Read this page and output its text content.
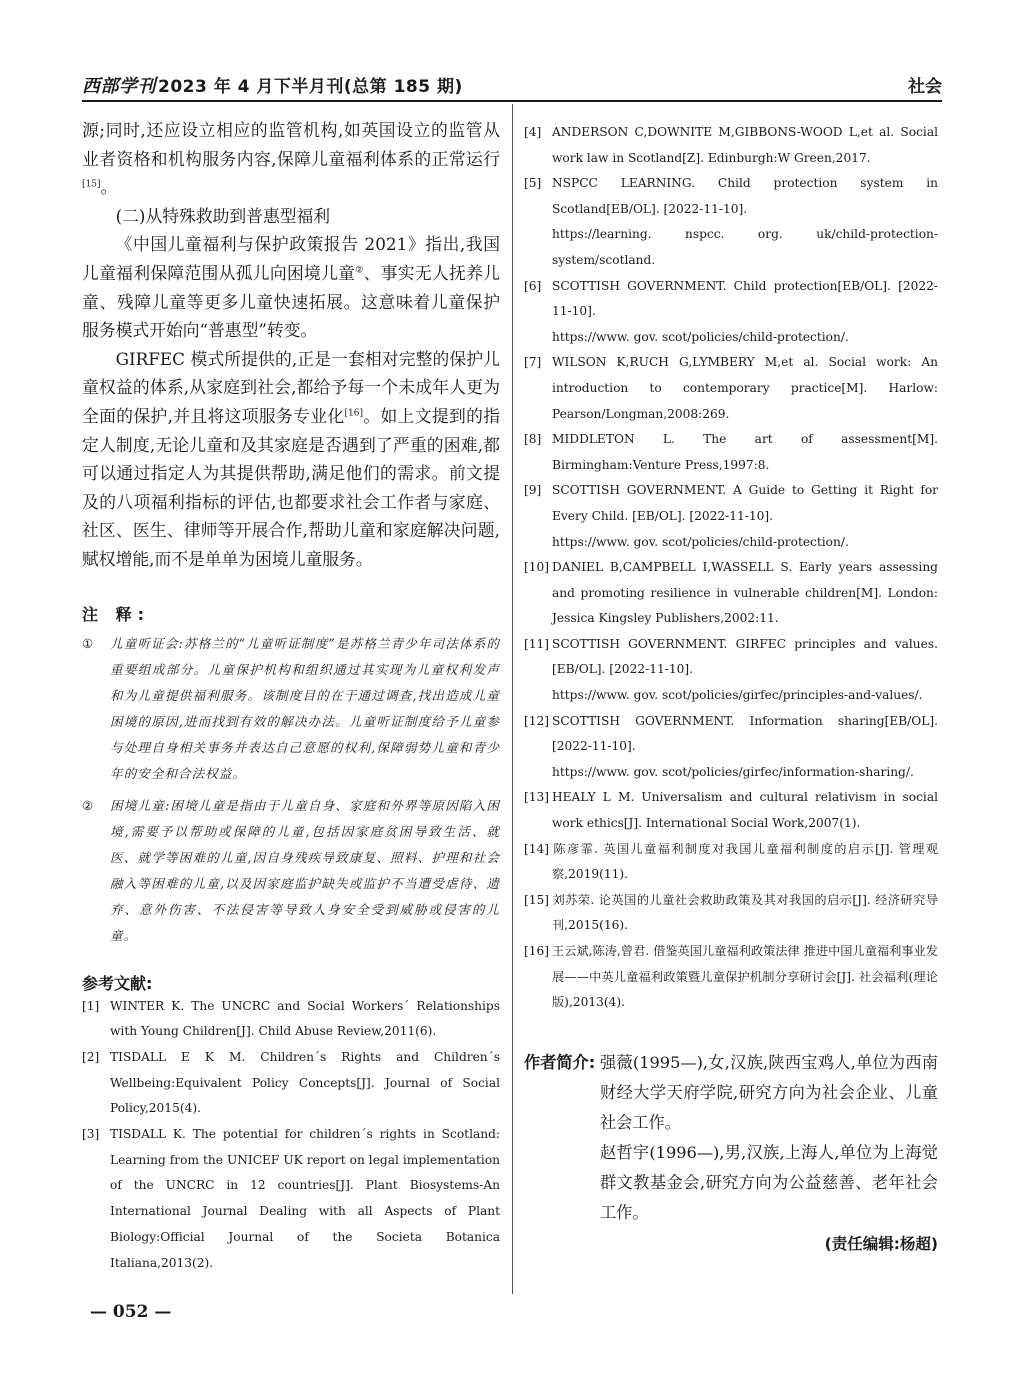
西部学刊 2023 年 4 月下半月刊(总第 185 期)	社会

源;同时,还应设立相应的监管机构,如英国设立的监管从业者资格和机构服务内容,保障儿童福利体系的正常运行[15]。

(二)从特殊救助到普惠型福利

《中国儿童福利与保护政策报告 2021》指出,我国儿童福利保障范围从孤儿向困境儿童②、事实无人抚养儿童、残障儿童等更多儿童快速拓展。这意味着儿童保护服务模式开始向“普惠型”转变。

GIRFEC 模式所提供的,正是一套相对完整的保护儿童权益的体系,从家庭到社会,都给予每一个未成年人更为全面的保护,并且将这项服务专业化[16]。如上文提到的指定人制度,无论儿童和及其家庭是否遇到了严重的困难,都可以通过指定人为其提供帮助,满足他们的需求。前文提及的八项福利指标的评估,也都要求社会工作者与家庭、社区、医生、律师等开展合作,帮助儿童和家庭解决问题,赋权增能,而不是单单为困境儿童服务。

注 释:
① 儿童听证会:苏格兰的“儿童听证制度”是苏格兰青少年司法体系的重要组成部分。儿童保护机构和组织通过其实现为儿童权利发声和为儿童提供福利服务。该制度目的在于通过调查,找出造成儿童困境的原因,进而找到有效的解决办法。儿童听证制度给予儿童参与处理自身相关事务并表达自己意愿的权利,保障弱势儿童和青少年的安全和合法权益。
② 困境儿童:困境儿童是指由于儿童自身、家庭和外界等原因陷入困境,需要予以帮助或保障的儿童,包括因家庭贫困导致生活、就医、就学等困难的儿童,因自身残疾导致康复、照料、护理和社会融入等困难的儿童,以及因家庭监护缺失或监护不当遭受虐待、遗弃、意外伤害、不法侵害等导致人身安全受到威胁或侵害的儿童。
参考文献:
[1] WINTER K. The UNCRC and Social Workers´ Relationships with Young Children[J]. Child Abuse Review,2011(6).
[2] TISDALL E K M. Children´s Rights and Children´s Wellbeing:Equivalent Policy Concepts[J]. Journal of Social Policy,2015(4).
[3] TISDALL K. The potential for children´s rights in Scotland: Learning from the UNICEF UK report on legal implementation of the UNCRC in 12 countries[J]. Plant Biosystems-An International Journal Dealing with all Aspects of Plant Biology:Official Journal of the Societa Botanica Italiana,2013(2).
[4] ANDERSON C,DOWNITE M,GIBBONS-WOOD L,et al. Social work law in Scotland[Z]. Edinburgh:W Green,2017.
[5] NSPCC LEARNING. Child protection system in Scotland[EB/OL]. [2022-11-10].
https://learning. nspcc. org. uk/child-protection-system/scotland.
[6] SCOTTISH GOVERNMENT. Child protection[EB/OL]. [2022-11-10].
https://www. gov. scot/policies/child-protection/.
[7] WILSON K,RUCH G,LYMBERY M,et al. Social work: An introduction to contemporary practice[M]. Harlow: Pearson/Longman,2008:269.
[8] MIDDLETON L. The art of assessment[M]. Birmingham:Venture Press,1997:8.
[9] SCOTTISH GOVERNMENT. A Guide to Getting it Right for Every Child. [EB/OL]. [2022-11-10].
https://www. gov. scot/policies/child-protection/.
[10] DANIEL B,CAMPBELL I,WASSELL S. Early years assessing and promoting resilience in vulnerable children[M]. London: Jessica Kingsley Publishers,2002:11.
[11] SCOTTISH GOVERNMENT. GIRFEC principles and values. [EB/OL]. [2022-11-10].
https://www. gov. scot/policies/girfec/principles-and-values/.
[12] SCOTTISH GOVERNMENT. Information sharing[EB/OL]. [2022-11-10].
https://www. gov. scot/policies/girfec/information-sharing/.
[13] HEALY L M. Universalism and cultural relativism in social work ethics[J]. International Social Work,2007(1).
[14] 陈彦霏. 英国儿童福利制度对我国儿童福利制度的启示[J]. 管理观察,2019(11).
[15] 刘苏荣. 论英国的儿童社会救助政策及其对我国的启示[J]. 经济研究导刊,2015(16).
[16] 王云斌,陈涛,曾君. 借鉴英国儿童福利政策法律 推进中国儿童福利事业发展——中英儿童福利政策暨儿童保护机制分享研讨会[J]. 社会福利(理论版),2013(4).
作者简介: 强薇(1995—),女,汉族,陕西宝鸡人,单位为西南财经大学天府学院,研究方向为社会企业、儿童社会工作。

赵哲宇(1996—),男,汉族,上海人,单位为上海觉群文教基金会,研究方向为公益慈善、老年社会工作。

(责任编辑:杨超)
— 052 —
